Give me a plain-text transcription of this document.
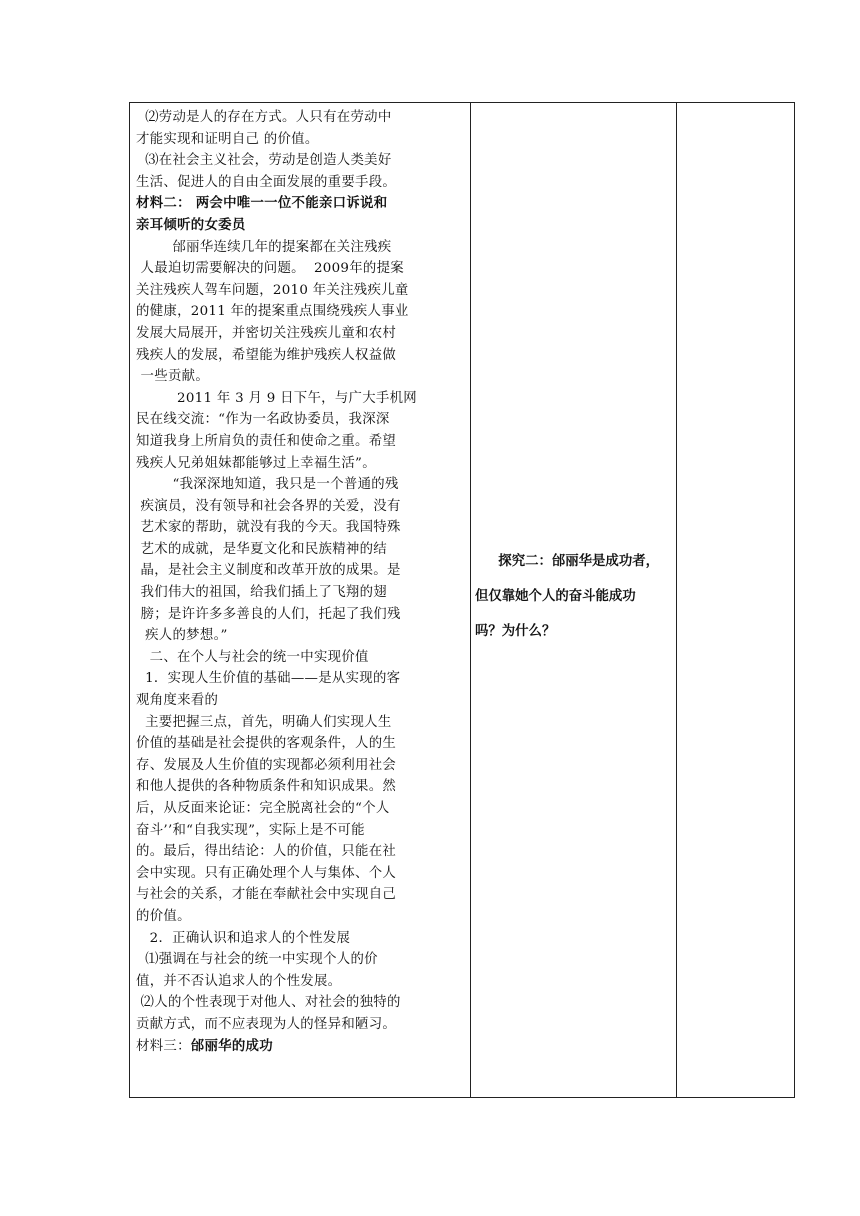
⑵劳动是人的存在方式。人只有在劳动中

才能实现和证明自己 的价值。

⑶在社会主义社会，劳动是创造人类美好

生活、促进人的自由全面发展的重要手段。

材料二： 两会中唯一一位不能亲口诉说和

亲耳倾听的女委员

邰丽华连续几年的提案都在关注残疾

人最迫切需要解决的问题。  2009年的提案

关注残疾人驾车问题，2010 年关注残疾儿童

的健康，2011 年的提案重点围绕残疾人事业

发展大局展开，并密切关注残疾儿童和农村

残疾人的发展，希望能为维护残疾人权益做

一些贡献。

2011 年 3 月 9 日下午，与广大手机网

民在线交流：“作为一名政协委员，我深深

知道我身上所肩负的责任和使命之重。希望

残疾人兄弟姐妹都能够过上幸福生活”。

“我深深地知道，我只是一个普通的残

疾演员，没有领导和社会各界的关爱，没有

艺术家的帮助，就没有我的今天。我国特殊

艺术的成就，是华夏文化和民族精神的结

晶，是社会主义制度和改革开放的成果。是

我们伟大的祖国，给我们插上了飞翔的翅

膀；是许许多多善良的人们，托起了我们残

疾人的梦想。”

二、在个人与社会的统一中实现价值

1．实现人生价值的基础——是从实现的客

观角度来看的

主要把握三点，首先，明确人们实现人生

价值的基础是社会提供的客观条件，人的生

存、发展及人生价值的实现都必须利用社会

和他人提供的各种物质条件和知识成果。然

后，从反面来论证：完全脱离社会的“个人

奋斗’’和“自我实现”，实际上是不可能

的。最后，得出结论：人的价值，只能在社

会中实现。只有正确处理个人与集体、个人

与社会的关系，才能在奉献社会中实现自己

的价值。

2．正确认识和追求人的个性发展

⑴强调在与社会的统一中实现个人的价

值，并不否认追求人的个性发展。

⑵人的个性表现于对他人、对社会的独特的

贡献方式，而不应表现为人的怪异和陋习。

材料三：邰丽华的成功

探究二：邰丽华是成功者，

但仅靠她个人的奋斗能成功

吗？为什么？
